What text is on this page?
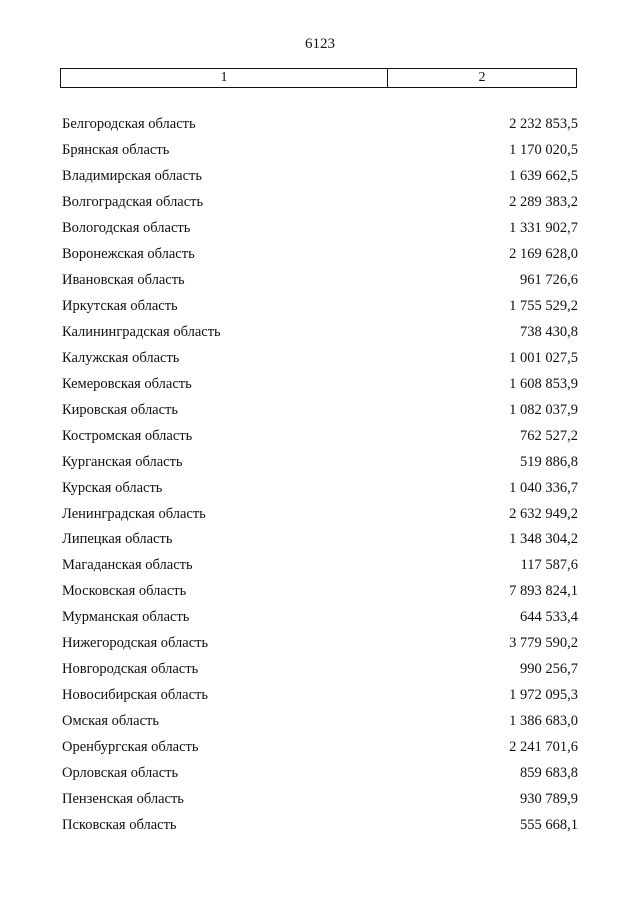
6123
1	2
Белгородская область	2 232 853,5
Брянская область	1 170 020,5
Владимирская область	1 639 662,5
Волгоградская область	2 289 383,2
Вологодская область	1 331 902,7
Воронежская область	2 169 628,0
Ивановская область	961 726,6
Иркутская область	1 755 529,2
Калининградская область	738 430,8
Калужская область	1 001 027,5
Кемеровская область	1 608 853,9
Кировская область	1 082 037,9
Костромская область	762 527,2
Курганская область	519 886,8
Курская область	1 040 336,7
Ленинградская область	2 632 949,2
Липецкая область	1 348 304,2
Магаданская область	117 587,6
Московская область	7 893 824,1
Мурманская область	644 533,4
Нижегородская область	3 779 590,2
Новгородская область	990 256,7
Новосибирская область	1 972 095,3
Омская область	1 386 683,0
Оренбургская область	2 241 701,6
Орловская область	859 683,8
Пензенская область	930 789,9
Псковская область	555 668,1
